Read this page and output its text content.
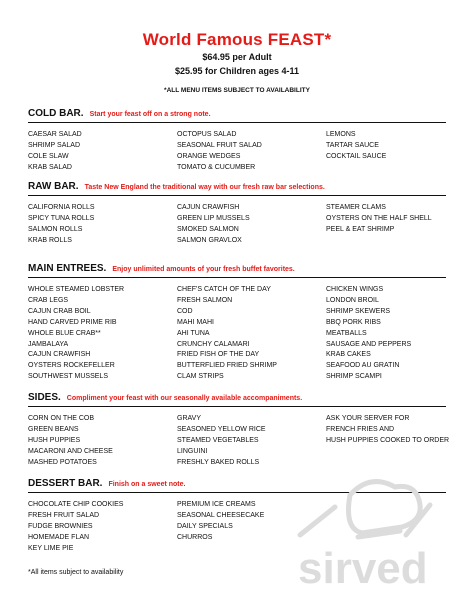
World Famous FEAST*
$64.95 per Adult
$25.95 for Children ages 4-11
*ALL MENU ITEMS SUBJECT TO AVAILABILITY
COLD BAR. Start your feast off on a strong note.
CAESAR SALAD
SHRIMP SALAD
COLE SLAW
KRAB SALAD
OCTOPUS SALAD
SEASONAL FRUIT SALAD
ORANGE WEDGES
TOMATO & CUCUMBER
LEMONS
TARTAR SAUCE
COCKTAIL SAUCE
RAW BAR. Taste New England the traditional way with our fresh raw bar selections.
CALIFORNIA ROLLS
SPICY TUNA ROLLS
SALMON ROLLS
KRAB ROLLS
CAJUN CRAWFISH
GREEN LIP MUSSELS
SMOKED SALMON
SALMON GRAVLOX
STEAMER CLAMS
OYSTERS ON THE HALF SHELL
PEEL & EAT SHRIMP
MAIN ENTREES. Enjoy unlimited amounts of your fresh buffet favorites.
WHOLE STEAMED LOBSTER
CRAB LEGS
CAJUN CRAB BOIL
HAND CARVED PRIME RIB
WHOLE BLUE CRAB**
JAMBALAYA
CAJUN CRAWFISH
OYSTERS ROCKEFELLER
SOUTHWEST MUSSELS
CHEF'S CATCH OF THE DAY
FRESH SALMON
COD
MAHI MAHI
AHI TUNA
CRUNCHY CALAMARI
FRIED FISH OF THE DAY
BUTTERFLIED FRIED SHRIMP
CLAM STRIPS
CHICKEN WINGS
LONDON BROIL
SHRIMP SKEWERS
BBQ PORK RIBS
MEATBALLS
SAUSAGE AND PEPPERS
KRAB CAKES
SEAFOOD AU GRATIN
SHRIMP SCAMPI
SIDES. Compliment your feast with our seasonally available accompaniments.
CORN ON THE COB
GREEN BEANS
HUSH PUPPIES
MACARONI AND CHEESE
MASHED POTATOES
GRAVY
SEASONED YELLOW RICE
STEAMED VEGETABLES
LINGUINI
FRESHLY BAKED ROLLS
ASK YOUR SERVER FOR
FRENCH FRIES AND
HUSH PUPPIES COOKED TO ORDER
DESSERT BAR. Finish on a sweet note.
CHOCOLATE CHIP COOKIES
FRESH FRUIT SALAD
FUDGE BROWNIES
HOMEMADE FLAN
KEY LIME PIE
PREMIUM ICE CREAMS
SEASONAL CHEESECAKE
DAILY SPECIALS
CHURROS
*All items subject to availability	sirved
